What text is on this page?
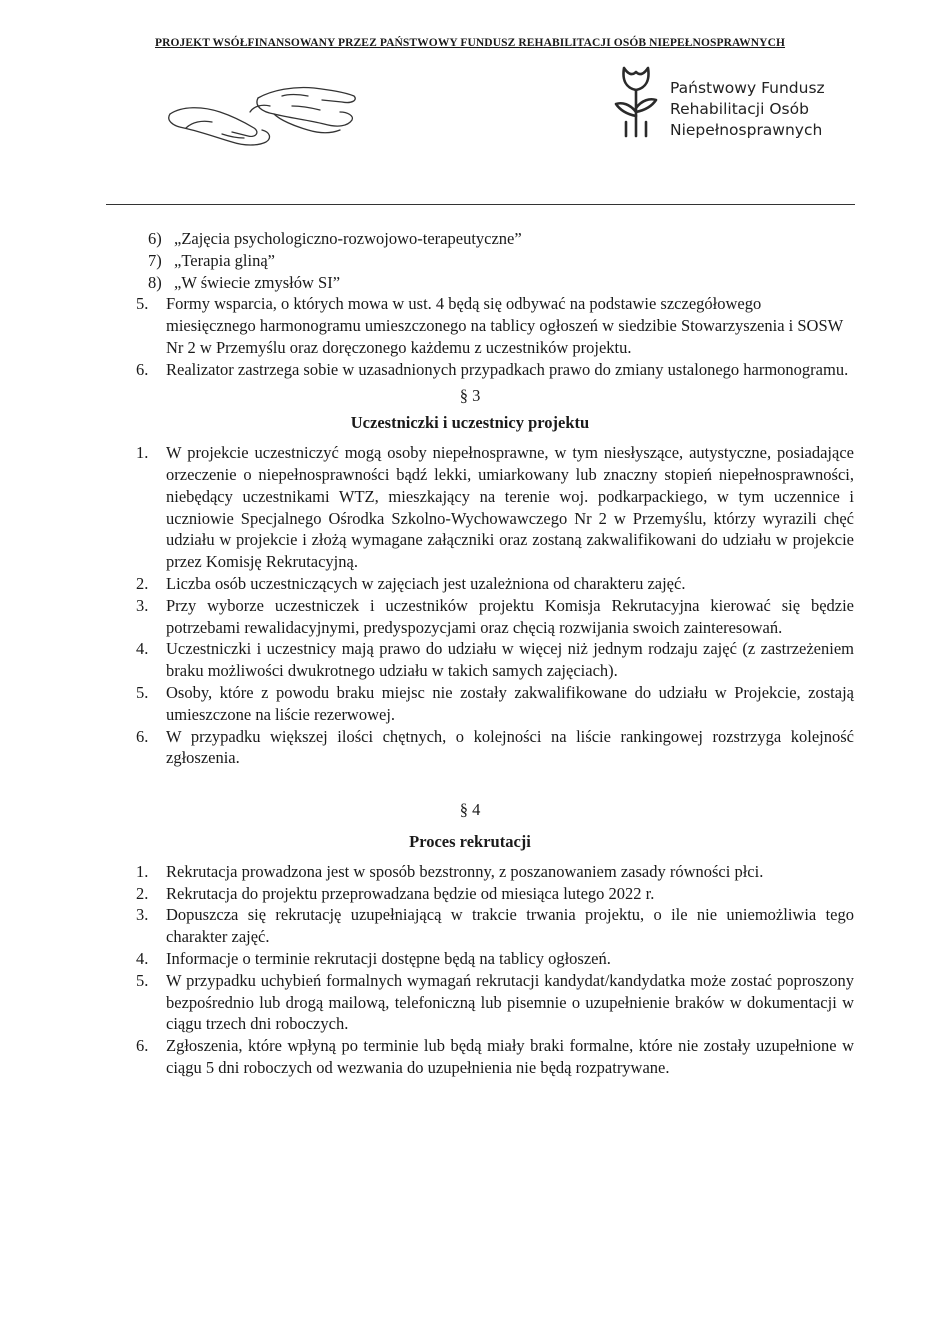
PROJEKT WSÓŁFINANSOWANY PRZEZ PAŃSTWOWY FUNDUSZ REHABILITACJI OSÓB NIEPEŁNOSPRAWNYCH
Państwowy Fundusz
Rehabilitacji Osób
Niepełnosprawnych
6) „Zajęcia psychologiczno-rozwojowo-terapeutyczne”
7) „Terapia gliną”
8) „W świecie zmysłów SI”
5.	Formy wsparcia, o których mowa w ust. 4 będą się odbywać na podstawie szczegółowego miesięcznego harmonogramu umieszczonego na tablicy ogłoszeń w siedzibie Stowarzyszenia i SOSW Nr 2 w Przemyślu oraz doręczonego każdemu z uczestników projektu.
6.	Realizator zastrzega sobie w uzasadnionych przypadkach prawo do zmiany ustalonego harmonogramu.
§ 3
Uczestniczki i uczestnicy projektu
1.	W projekcie uczestniczyć mogą osoby niepełnosprawne, w tym niesłyszące, autystyczne, posiadające orzeczenie o niepełnosprawności bądź lekki, umiarkowany lub znaczny stopień niepełnosprawności, niebędący uczestnikami WTZ, mieszkający na terenie woj. podkarpackiego, w tym uczennice i uczniowie Specjalnego Ośrodka Szkolno-Wychowawczego Nr 2 w Przemyślu, którzy wyrazili chęć udziału w projekcie i złożą wymagane załączniki oraz zostaną zakwalifikowani do udziału w projekcie przez Komisję Rekrutacyjną.
2.	Liczba osób uczestniczących w zajęciach jest uzależniona od charakteru zajęć.
3.	Przy wyborze uczestniczek i uczestników projektu Komisja Rekrutacyjna kierować się będzie potrzebami rewalidacyjnymi, predyspozycjami oraz chęcią rozwijania swoich zainteresowań.
4.	Uczestniczki i uczestnicy mają prawo do udziału w więcej niż jednym rodzaju zajęć (z zastrzeżeniem braku możliwości dwukrotnego udziału w takich samych zajęciach).
5.	Osoby, które z powodu braku miejsc nie zostały zakwalifikowane do udziału w Projekcie, zostają umieszczone na liście rezerwowej.
6.	W przypadku większej ilości chętnych, o kolejności na liście rankingowej rozstrzyga kolejność zgłoszenia.
§ 4
Proces rekrutacji
1.	Rekrutacja prowadzona jest w sposób bezstronny, z poszanowaniem zasady równości płci.
2.	Rekrutacja do projektu przeprowadzana będzie od miesiąca lutego 2022 r.
3.	Dopuszcza się rekrutację uzupełniającą w trakcie trwania projektu, o ile nie uniemożliwia tego charakter zajęć.
4.	Informacje o terminie rekrutacji dostępne będą na tablicy ogłoszeń.
5.	W przypadku uchybień formalnych wymagań rekrutacji kandydat/kandydatka może zostać poproszony bezpośrednio lub drogą mailową, telefoniczną lub pisemnie o uzupełnienie braków w dokumentacji w ciągu trzech dni roboczych.
6.	Zgłoszenia, które wpłyną po terminie lub będą miały braki formalne, które nie zostały uzupełnione w ciągu 5 dni roboczych od wezwania do uzupełnienia nie będą rozpatrywane.
